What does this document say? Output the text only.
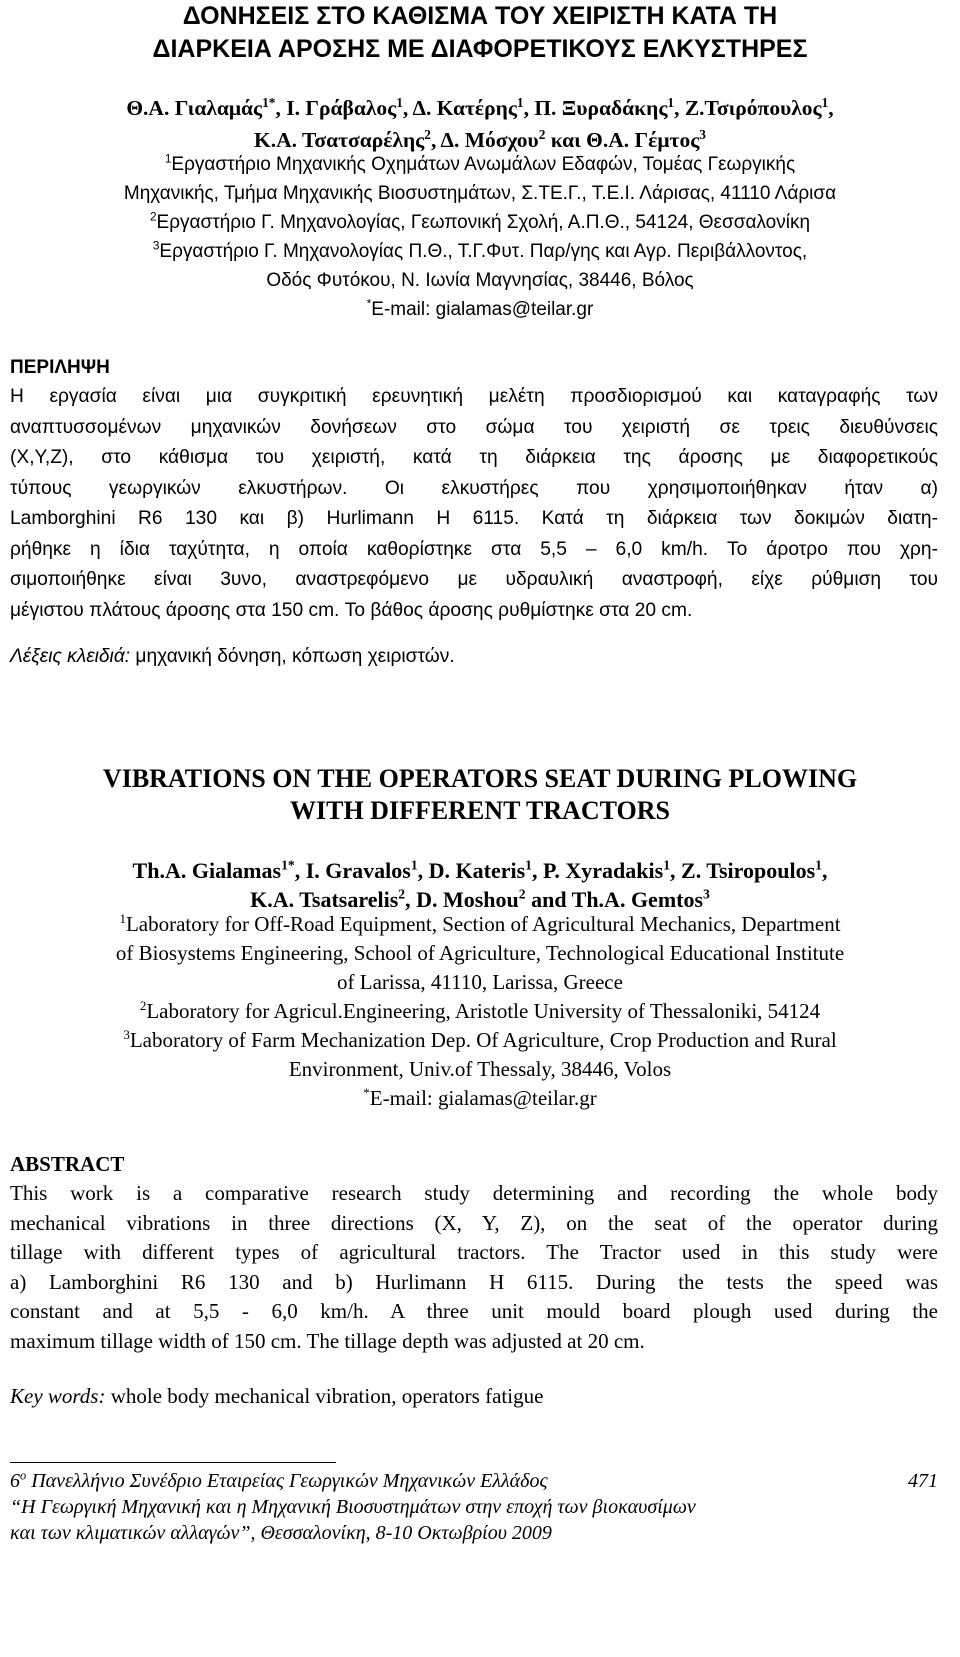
ΔΟΝΗΣΕΙΣ ΣΤΟ ΚΑΘΙΣΜΑ ΤΟΥ ΧΕΙΡΙΣΤΗ ΚΑΤΑ ΤΗ
ΔΙΑΡΚΕΙΑ ΑΡΟΣΗΣ ΜΕ ΔΙΑΦΟΡΕΤΙΚΟΥΣ ΕΛΚΥΣΤΗΡΕΣ
Θ.Α. Γιαλαμάς$^{1*}$, Ι. Γράβαλος$^1$, Δ. Κατέρης$^1$, Π. Ξυραδάκης$^1$, Ζ.Τσιρόπουλος$^1$,
Κ.Α. Τσατσαρέλης$^2$, Δ. Μόσχου$^2$ και Θ.Α. Γέμτος$^3$
$^1$Εργαστήριο Μηχανικής Οχημάτων Ανωμάλων Εδαφών, Τομέας Γεωργικής
Μηχανικής, Τμήμα Μηχανικής Βιοσυστημάτων, Σ.ΤΕ.Γ., Τ.Ε.Ι. Λάρισας, 41110 Λάρισα
$^2$Εργαστήριο Γ. Μηχανολογίας, Γεωπονική Σχολή, Α.Π.Θ., 54124, Θεσσαλονίκη
$^3$Εργαστήριο Γ. Μηχανολογίας Π.Θ., Τ.Γ.Φυτ. Παρ/γης και Αγρ. Περιβάλλοντος,
Οδός Φυτόκου, Ν. Ιωνία Μαγνησίας, 38446, Βόλος
*E-mail: gialamas@teilar.gr
ΠΕΡΙΛΗΨΗ

Η εργασία είναι μια συγκριτική ερευνητική μελέτη προσδιορισμού και καταγραφής των
αναπτυσσομένων μηχανικών δονήσεων στο σώμα του χειριστή σε τρεις διευθύνσεις
(Χ,Υ,Ζ), στο κάθισμα του χειριστή, κατά τη διάρκεια της άροσης με διαφορετικούς
τύπους γεωργικών ελκυστήρων. Οι ελκυστήρες που χρησιμοποιήθηκαν ήταν α)
Lamborghini R6 130 και β) Hurlimann H 6115. Κατά τη διάρκεια των δοκιμών διατη-
ρήθηκε η ίδια ταχύτητα, η οποία καθορίστηκε στα 5,5 – 6,0 km/h. Το άροτρο που χρη-
σιμοποιήθηκε είναι 3υνο, αναστρεφόμενο με υδραυλική αναστροφή, είχε ρύθμιση του
μέγιστου πλάτους άροσης στα 150 cm. Το βάθος άροσης ρυθμίστηκε στα 20 cm.

Λέξεις κλειδιά: μηχανική δόνηση, κόπωση χειριστών.
VIBRATIONS ON THE OPERATORS SEAT DURING PLOWING
WITH DIFFERENT TRACTORS
Th.A. Gialamas$^{1*}$, I. Gravalos$^1$, D. Kateris$^1$, P. Xyradakis$^1$, Z. Tsiropoulos$^1$,
K.A. Tsatsarelis$^2$, D. Moshou$^2$ and Th.A. Gemtos$^3$
$^1$Laboratory for Off-Road Equipment, Section of Agricultural Mechanics, Department
of Biosystems Engineering, School of Agriculture, Technological Educational Institute
of Larissa, 41110, Larissa, Greece
$^2$Laboratory for Agricul.Engineering, Aristotle University of Thessaloniki, 54124
$^3$Laboratory of Farm Mechanization Dep. Of Agriculture, Crop Production and Rural
Environment, Univ.of Thessaly, 38446, Volos
*E-mail: gialamas@teilar.gr
ABSTRACT

This work is a comparative research study determining and recording the whole body
mechanical vibrations in three directions (X, Y, Z), on the seat of the operator during
tillage with different types of agricultural tractors. The Tractor used in this study were
a) Lamborghini R6 130 and b) Hurlimann H 6115. During the tests the speed was
constant and at 5,5 - 6,0 km/h. A three unit mould board plough used during the
maximum tillage width of 150 cm. The tillage depth was adjusted at 20 cm.

Key words: whole body mechanical vibration, operators fatigue
$6^o$ Πανελλήνιο Συνέδριο Εταιρείας Γεωργικών Μηχανικών Ελλάδος	471
“Η Γεωργική Μηχανική και η Μηχανική Βιοσυστημάτων στην εποχή των βιοκαυσίμων
και των κλιματικών αλλαγών”, Θεσσαλονίκη, 8-10 Οκτωβρίου 2009
